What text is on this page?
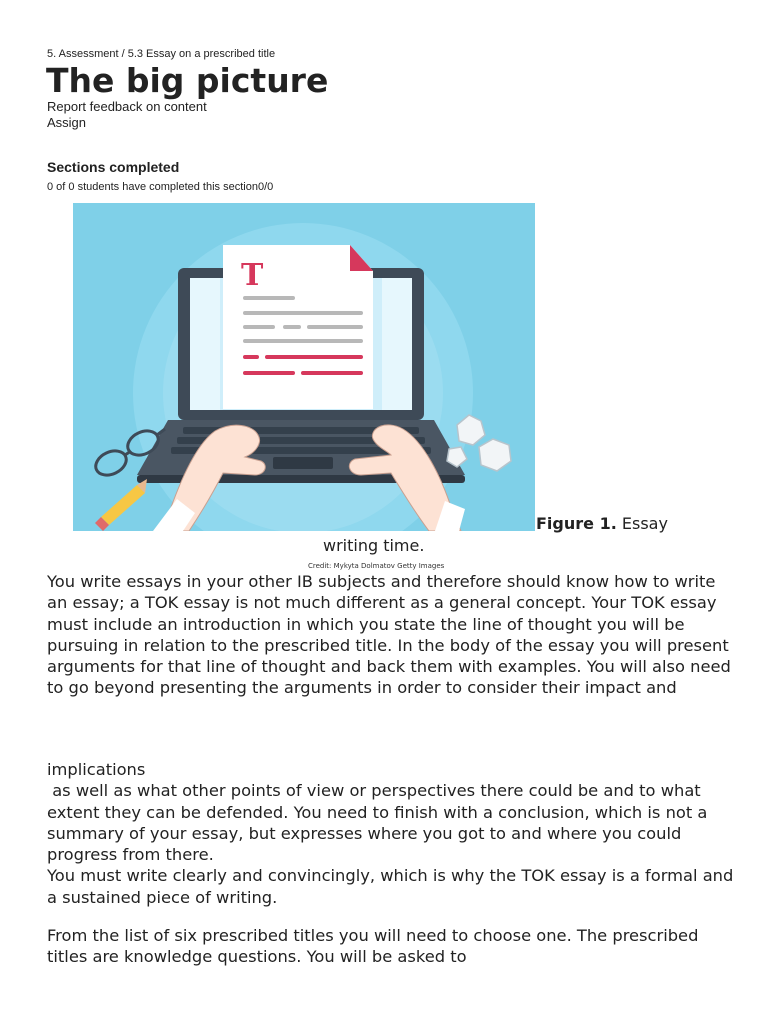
5. Assessment / 5.3 Essay on a prescribed title
The big picture
Report feedback on content
Assign
Sections completed
0 of 0 students have completed this section0/0
T
Figure 1. Essay
writing time.
Credit: Mykyta Dolmatov Getty Images

You write essays in your other IB subjects and therefore should know how to write an essay; a TOK essay is not much different as a general concept. Your TOK essay must include an introduction in which you state the line of thought you will be pursuing in relation to the prescribed title. In the body of the essay you will present arguments for that line of thought and back them with examples. You will also need to go beyond presenting the arguments in order to consider their impact and

implications
as well as what other points of view or perspectives there could be and to what extent they can be defended. You need to finish with a conclusion, which is not a summary of your essay, but expresses where you got to and where you could progress from there.
You must write clearly and convincingly, which is why the TOK essay is a formal and a sustained piece of writing.

From the list of six prescribed titles you will need to choose one. The prescribed titles are knowledge questions. You will be asked to
